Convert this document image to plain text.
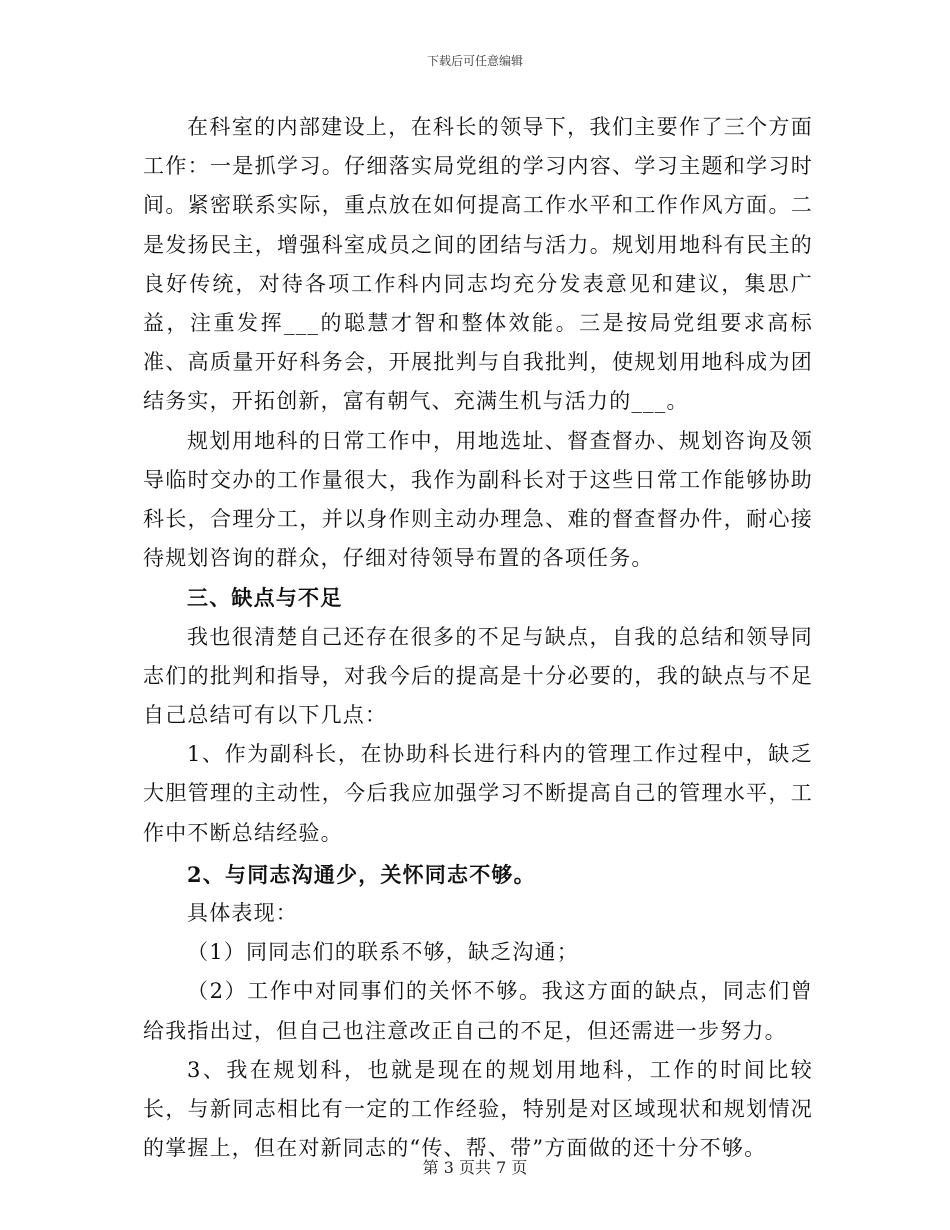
下载后可任意编辑

在科室的内部建设上，在科长的领导下，我们主要作了三个方面工作：一是抓学习。仔细落实局党组的学习内容、学习主题和学习时间。紧密联系实际，重点放在如何提高工作水平和工作作风方面。二是发扬民主，增强科室成员之间的团结与活力。规划用地科有民主的良好传统，对待各项工作科内同志均充分发表意见和建议，集思广益，注重发挥___的聪慧才智和整体效能。三是按局党组要求高标准、高质量开好科务会，开展批判与自我批判，使规划用地科成为团结务实，开拓创新，富有朝气、充满生机与活力的___。

规划用地科的日常工作中，用地选址、督查督办、规划咨询及领导临时交办的工作量很大，我作为副科长对于这些日常工作能够协助科长，合理分工，并以身作则主动办理急、难的督查督办件，耐心接待规划咨询的群众，仔细对待领导布置的各项任务。

三、缺点与不足

我也很清楚自己还存在很多的不足与缺点，自我的总结和领导同志们的批判和指导，对我今后的提高是十分必要的，我的缺点与不足自己总结可有以下几点：

1、作为副科长，在协助科长进行科内的管理工作过程中，缺乏大胆管理的主动性，今后我应加强学习不断提高自己的管理水平，工作中不断总结经验。

2、与同志沟通少，关怀同志不够。

具体表现：

（1）同同志们的联系不够，缺乏沟通；

（2）工作中对同事们的关怀不够。我这方面的缺点，同志们曾给我指出过，但自己也注意改正自己的不足，但还需进一步努力。

3、我在规划科，也就是现在的规划用地科，工作的时间比较长，与新同志相比有一定的工作经验，特别是对区域现状和规划情况的掌握上，但在对新同志的“传、帮、带”方面做的还十分不够。

第 3 页共 7 页
